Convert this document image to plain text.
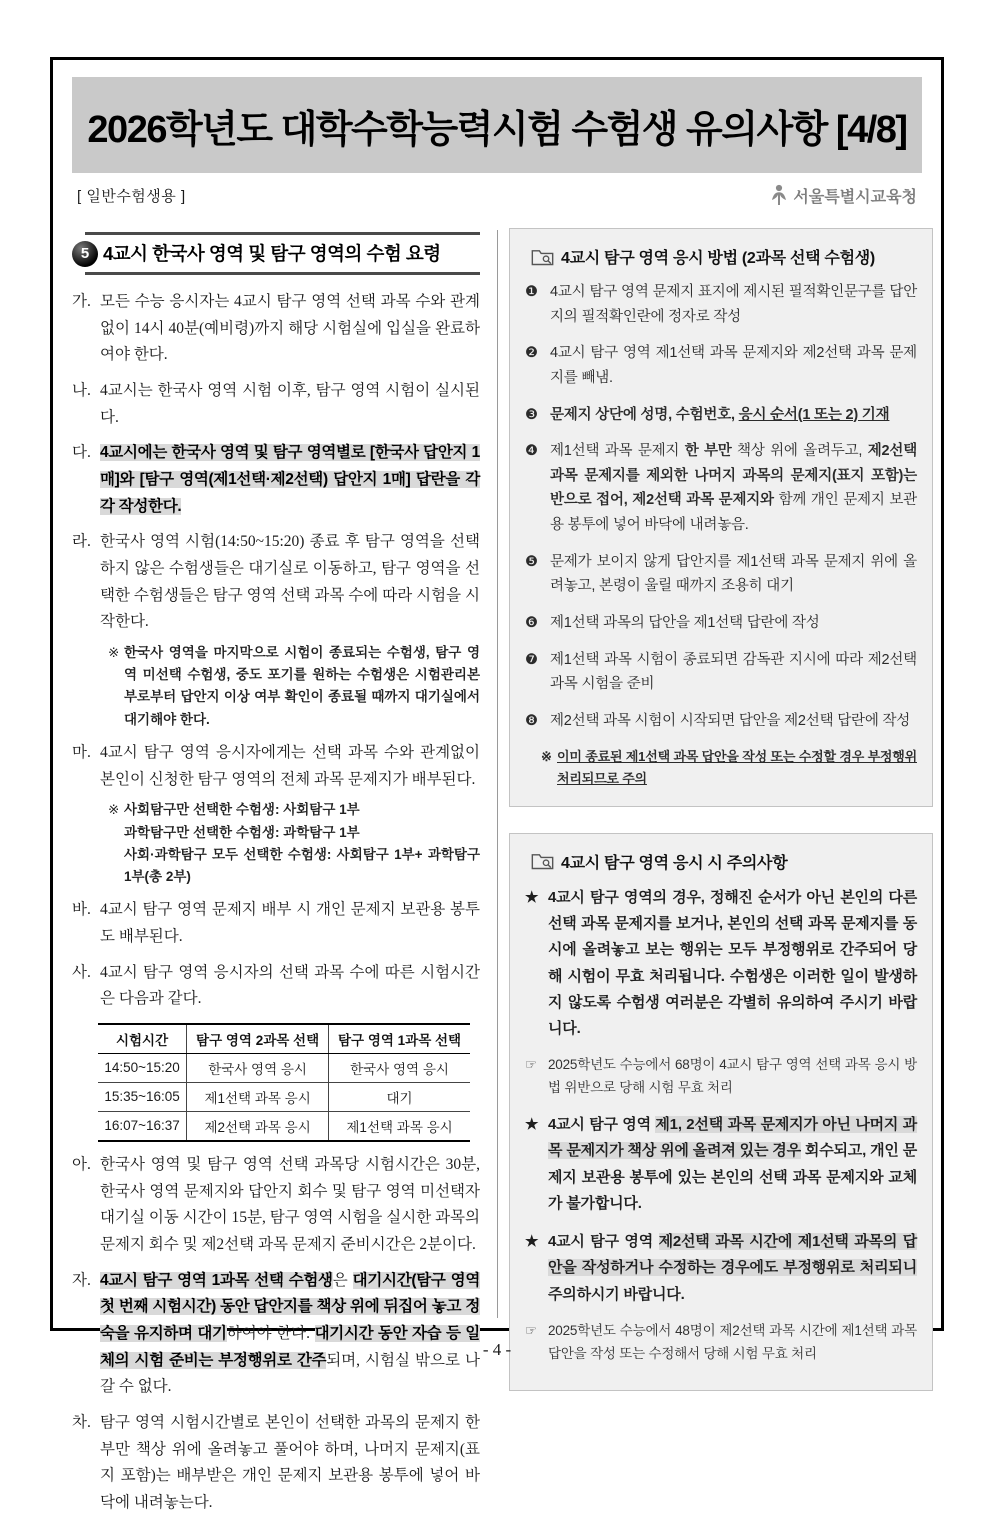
2026학년도 대학수학능력시험 수험생 유의사항 [4/8]
[ 일반수험생용 ]	서울특별시교육청
5 4교시 한국사 영역 및 탐구 영역의 수험 요령
가. 모든 수능 응시자는 4교시 탐구 영역 선택 과목 수와 관계없이 14시 40분(예비령)까지 해당 시험실에 입실을 완료하여야 한다.
나. 4교시는 한국사 영역 시험 이후, 탐구 영역 시험이 실시된다.
다. 4교시에는 한국사 영역 및 탐구 영역별로 [한국사 답안지 1매]와 [탐구 영역(제1선택·제2선택) 답안지 1매] 답란을 각각 작성한다.
라. 한국사 영역 시험(14:50~15:20) 종료 후 탐구 영역을 선택하지 않은 수험생들은 대기실로 이동하고, 탐구 영역을 선택한 수험생들은 탐구 영역 선택 과목 수에 따라 시험을 시작한다.
※ 한국사 영역을 마지막으로 시험이 종료되는 수험생, 탐구 영역 미선택 수험생, 중도 포기를 원하는 수험생은 시험관리본부로부터 답안지 이상 여부 확인이 종료될 때까지 대기실에서 대기해야 한다.
마. 4교시 탐구 영역 응시자에게는 선택 과목 수와 관계없이 본인이 신청한 탐구 영역의 전체 과목 문제지가 배부된다.
※ 사회탐구만 선택한 수험생: 사회탐구 1부
과학탐구만 선택한 수험생: 과학탐구 1부
사회·과학탐구 모두 선택한 수험생: 사회탐구 1부+ 과학탐구 1부(총 2부)
바. 4교시 탐구 영역 문제지 배부 시 개인 문제지 보관용 봉투도 배부된다.
사. 4교시 탐구 영역 응시자의 선택 과목 수에 따른 시험시간은 다음과 같다.
시험시간	탐구 영역 2과목 선택	탐구 영역 1과목 선택
14:50~15:20	한국사 영역 응시	한국사 영역 응시
15:35~16:05	제1선택 과목 응시	대기
16:07~16:37	제2선택 과목 응시	제1선택 과목 응시
아. 한국사 영역 및 탐구 영역 선택 과목당 시험시간은 30분, 한국사 영역 문제지와 답안지 회수 및 탐구 영역 미선택자 대기실 이동 시간이 15분, 탐구 영역 시험을 실시한 과목의 문제지 회수 및 제2선택 과목 문제지 준비시간은 2분이다.
자. 4교시 탐구 영역 1과목 선택 수험생은 대기시간(탐구 영역 첫 번째 시험시간) 동안 답안지를 책상 위에 뒤집어 놓고 정숙을 유지하며 대기하여야 한다. 대기시간 동안 자습 등 일체의 시험 준비는 부정행위로 간주되며, 시험실 밖으로 나갈 수 없다.
차. 탐구 영역 시험시간별로 본인이 선택한 과목의 문제지 한 부만 책상 위에 올려놓고 풀어야 하며, 나머지 문제지(표지 포함)는 배부받은 개인 문제지 보관용 봉투에 넣어 바닥에 내려놓는다.
4교시 탐구 영역 응시 방법 (2과목 선택 수험생)
❶ 4교시 탐구 영역 문제지 표지에 제시된 필적확인문구를 답안지의 필적확인란에 정자로 작성
❷ 4교시 탐구 영역 제1선택 과목 문제지와 제2선택 과목 문제지를 빼냄.
❸ 문제지 상단에 성명, 수험번호, 응시 순서(1 또는 2) 기재
❹ 제1선택 과목 문제지 한 부만 책상 위에 올려두고, 제2선택 과목 문제지를 제외한 나머지 과목의 문제지(표지 포함)는 반으로 접어, 제2선택 과목 문제지와 함께 개인 문제지 보관용 봉투에 넣어 바닥에 내려놓음.
❺ 문제가 보이지 않게 답안지를 제1선택 과목 문제지 위에 올려놓고, 본령이 울릴 때까지 조용히 대기
❻ 제1선택 과목의 답안을 제1선택 답란에 작성
❼ 제1선택 과목 시험이 종료되면 감독관 지시에 따라 제2선택 과목 시험을 준비
❽ 제2선택 과목 시험이 시작되면 답안을 제2선택 답란에 작성
※ 이미 종료된 제1선택 과목 답안을 작성 또는 수정할 경우 부정행위 처리되므로 주의
4교시 탐구 영역 응시 시 주의사항
★ 4교시 탐구 영역의 경우, 정해진 순서가 아닌 본인의 다른 선택 과목 문제지를 보거나, 본인의 선택 과목 문제지를 동시에 올려놓고 보는 행위는 모두 부정행위로 간주되어 당해 시험이 무효 처리됩니다. 수험생은 이러한 일이 발생하지 않도록 수험생 여러분은 각별히 유의하여 주시기 바랍니다.
☞ 2025학년도 수능에서 68명이 4교시 탐구 영역 선택 과목 응시 방법 위반으로 당해 시험 무효 처리
★ 4교시 탐구 영역 제1, 2선택 과목 문제지가 아닌 나머지 과목 문제지가 책상 위에 올려져 있는 경우 회수되고, 개인 문제지 보관용 봉투에 있는 본인의 선택 과목 문제지와 교체가 불가합니다.
★ 4교시 탐구 영역 제2선택 과목 시간에 제1선택 과목의 답안을 작성하거나 수정하는 경우에도 부정행위로 처리되니 주의하시기 바랍니다.
☞ 2025학년도 수능에서 48명이 제2선택 과목 시간에 제1선택 과목 답안을 작성 또는 수정해서 당해 시험 무효 처리
- 4 -
